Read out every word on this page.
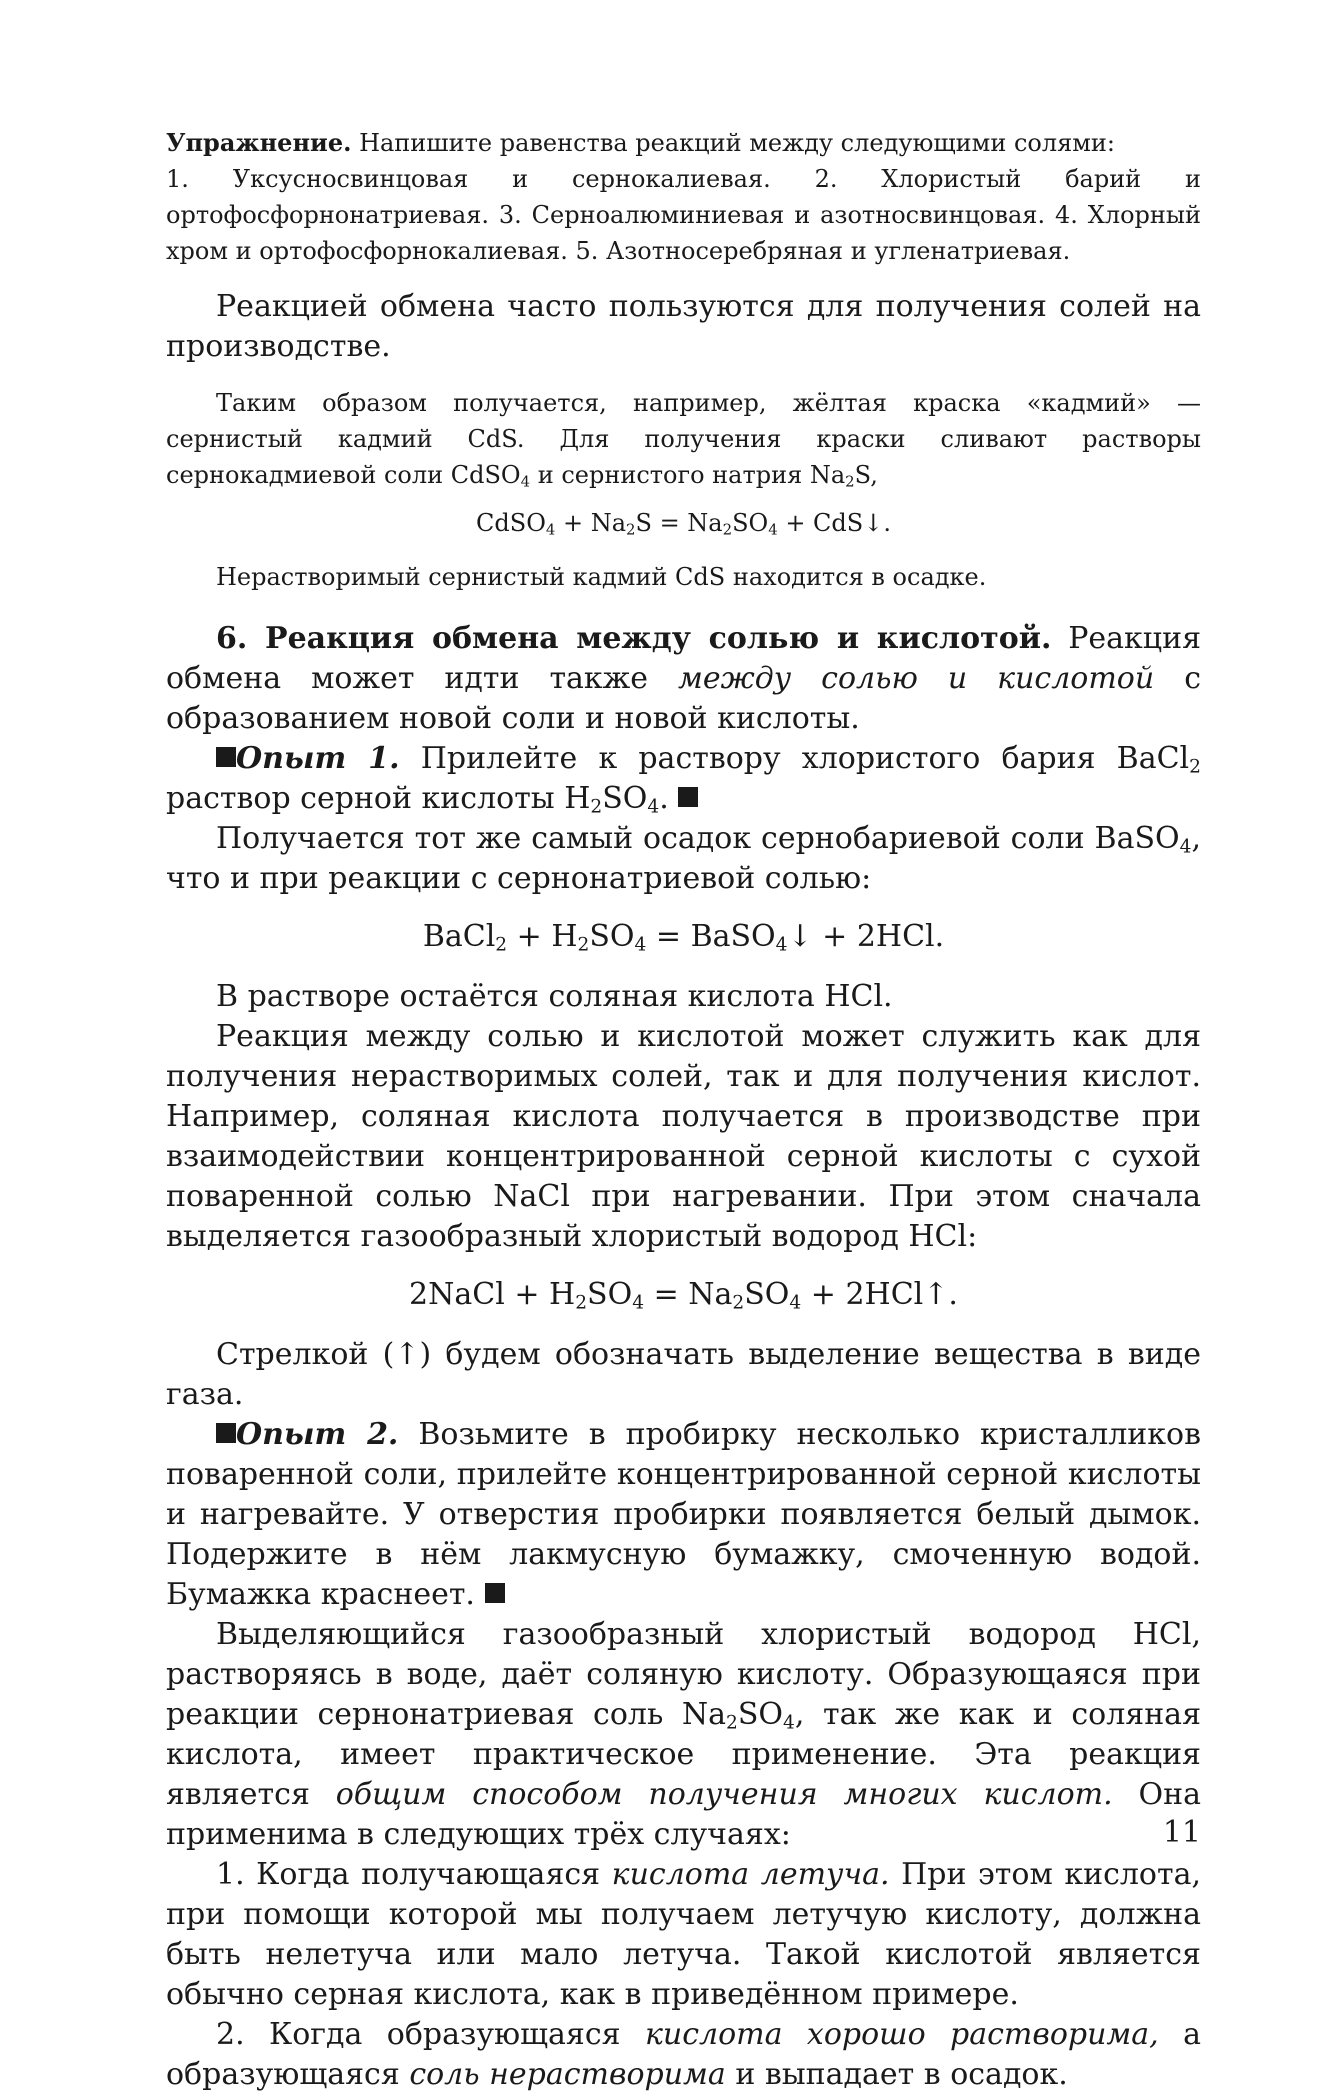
Упражнение. Напишите равенства реакций между следующими солями:

1. Уксусносвинцовая и сернокалиевая. 2. Хлористый барий и ортофосфорнонатриевая. 3. Сернoалюминиевая и азотносвинцовая. 4. Хлорный хром и ортофосфорнокалиевая. 5. Азотносеребряная и угленатриевая.

Реакцией обмена часто пользуются для получения солей на производстве.

Таким образом получается, например, жёлтая краска «кадмий» — сернистый кадмий CdS. Для получения краски сливают растворы сернокадмиевой соли CdSO$_4$ и сернистого натрия $Na_2S$,

CdSO$_4$ + $Na_2S = Na_2SO_4$ + CdS↓.

Нерастворимый сернистый кадмий CdS находится в осадке.

6. Реакция обмена между солью и кислотой. Реакция обмена может идти также между солью и кислотой с образованием новой соли и новой кислоты.

Опыт 1. Прилейте к раствору хлористого бария BaCl$_2$ раствор серной кислоты $H_2SO_4$.

Получается тот же самый осадок сернобариевой соли BaSO$_4$, что и при реакции с сернонатриевой солью:

BaCl$_2$ + $H_2SO_4$ = BaSO$_4$↓ + 2HCl.

В растворе остаётся соляная кислота HCl.

Реакция между солью и кислотой может служить как для получения нерастворимых солей, так и для получения кислот. Например, соляная кислота получается в производстве при взаимодействии концентрированной серной кислоты с сухой поваренной солью NaCl при нагревании. При этом сначала выделяется газообразный хлористый водород HCl:

2NaCl + $H_2SO_4 = Na_2SO_4$ + 2HCl↑.

Стрелкой (↑) будем обозначать выделение вещества в виде газа.

Опыт 2. Возьмите в пробирку несколько кристалликов поваренной соли, прилейте концентрированной серной кислоты и нагревайте. У отверстия пробирки появляется белый дымок. Подержите в нём лакмусную бумажку, смоченную водой. Бумажка краснеет.

Выделяющийся газообразный хлористый водород HCl, растворяясь в воде, даёт соляную кислоту. Образующаяся при реакции сернонатриевая соль $Na_2SO_4$, так же как и соляная кислота, имеет практическое применение. Эта реакция является общим способом получения многих кислот. Она применима в следующих трёх случаях:

1. Когда получающаяся кислота летуча. При этом кислота, при помощи которой мы получаем летучую кислоту, должна быть нелетуча или мало летуча. Такой кислотой является обычно серная кислота, как в приведённом примере.

2. Когда образующаяся кислота хорошо растворима, а образующаяся соль нерастворима и выпадает в осадок.

11
